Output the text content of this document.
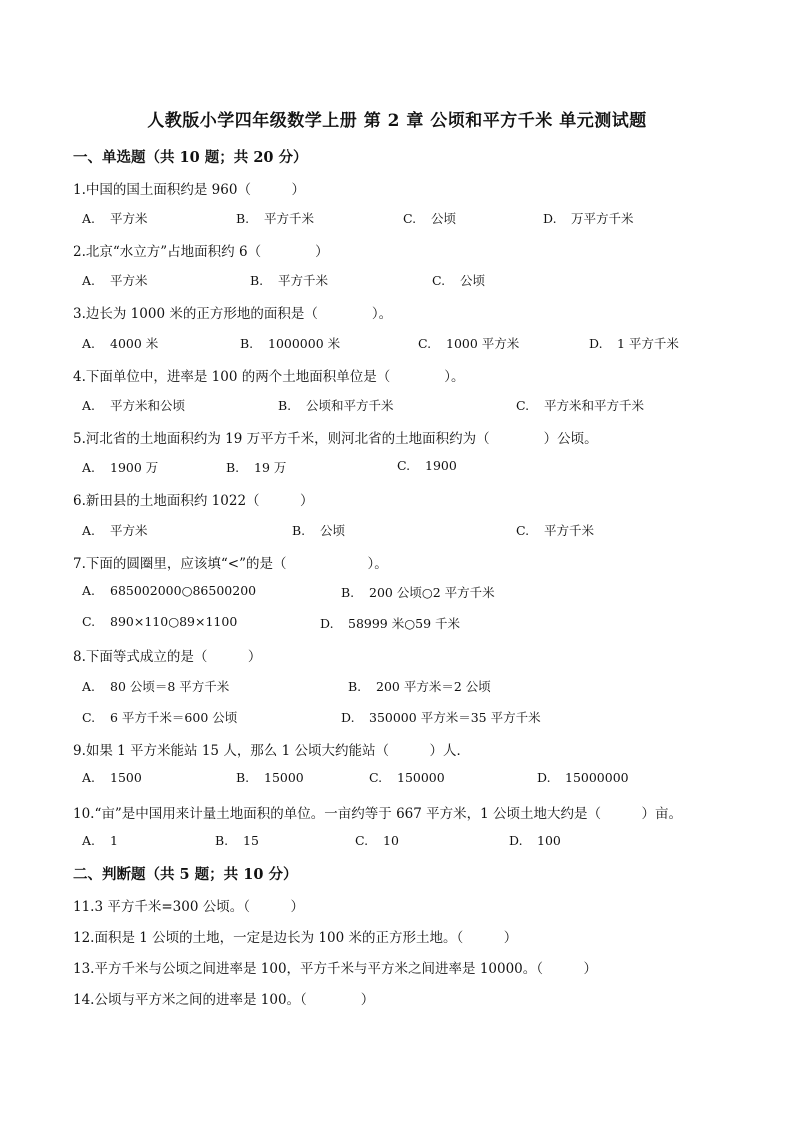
人教版小学四年级数学上册 第 2 章 公顷和平方千米 单元测试题
一、单选题（共 10 题；共 20 分）
1.中国的国土面积约是 960（　　　）
A. 平方米	B. 平方千米	C. 公顷	D. 万平方千米
2.北京“水立方”占地面积约 6（　　　　）
A. 平方米	B. 平方千米	C. 公顷
3.边长为 1000 米的正方形地的面积是（　　　　）。
A. 4000 米	B. 1000000 米	C. 1000 平方米	D. 1 平方千米
4.下面单位中，进率是 100 的两个土地面积单位是（　　　　）。
A. 平方米和公顷	B. 公顷和平方千米	C. 平方米和平方千米
5.河北省的土地面积约为 19 万平方千米，则河北省的土地面积约为（　　　　）公顷。
A. 1900 万	B. 19 万	C. 1900
6.新田县的土地面积约 1022（　　　）
A. 平方米	B. 公顷	C. 平方千米
7.下面的圆圈里，应该填“<”的是（　　　　　　）。
A. 685002000○86500200	B. 200 公顷○2 平方千米
C. 890×110○89×1100	D. 58999 米○59 千米
8.下面等式成立的是（　　　）
A. 80 公顷＝8 平方千米	B. 200 平方米＝2 公顷
C. 6 平方千米＝600 公顷	D. 350000 平方米＝35 平方千米
9.如果 1 平方米能站 15 人，那么 1 公顷大约能站（　　　）人．
A. 1500	B. 15000	C. 150000	D. 15000000
10.“亩”是中国用来计量土地面积的单位。一亩约等于 667 平方米，1 公顷土地大约是（　　　）亩。
A. 1	B. 15	C. 10	D. 100
二、判断题（共 5 题；共 10 分）
11.3 平方千米=300 公顷。（　　　）
12.面积是 1 公顷的土地，一定是边长为 100 米的正方形土地。（　　　）
13.平方千米与公顷之间进率是 100，平方千米与平方米之间进率是 10000。（　　　）
14.公顷与平方米之间的进率是 100。（　　　　）
